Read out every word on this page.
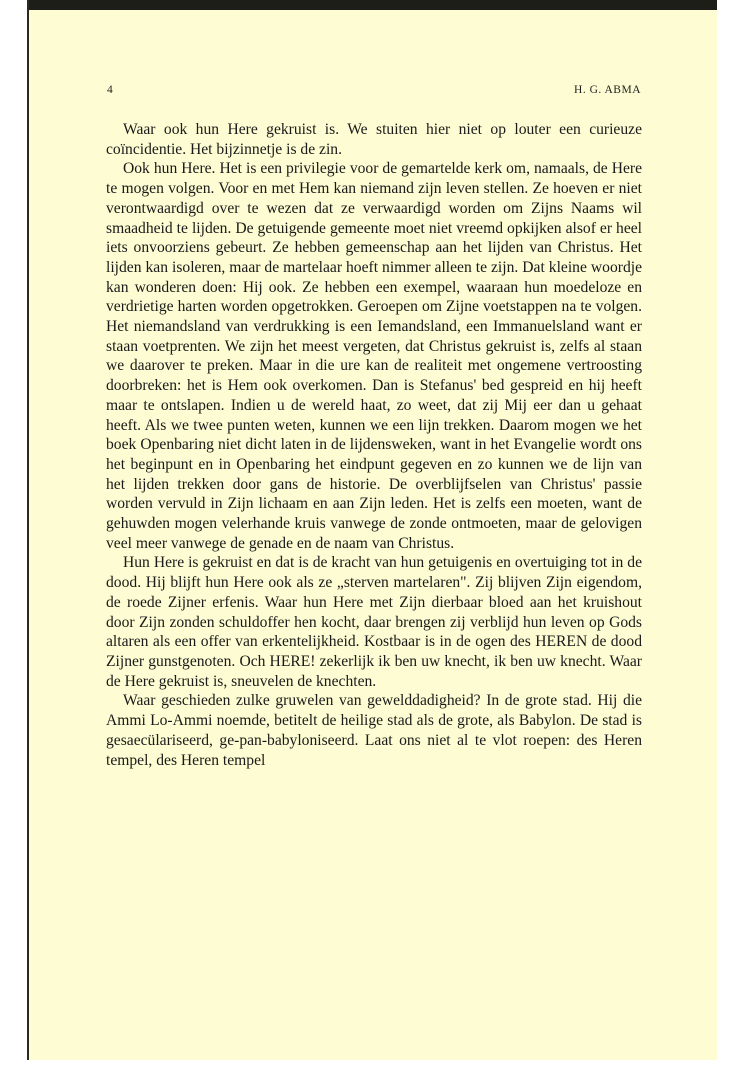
4	H. G. ABMA

Waar ook hun Here gekruist is. We stuiten hier niet op louter een curieuze coïncidentie. Het bijzinnetje is de zin.

Ook hun Here. Het is een privilegie voor de gemartelde kerk om, namaals, de Here te mogen volgen. Voor en met Hem kan niemand zijn leven stellen. Ze hoeven er niet verontwaardigd over te wezen dat ze verwaardigd worden om Zijns Naams wil smaadheid te lijden. De getuigende gemeente moet niet vreemd opkijken alsof er heel iets onvoorziens gebeurt. Ze hebben gemeenschap aan het lijden van Christus. Het lijden kan isoleren, maar de martelaar hoeft nimmer alleen te zijn. Dat kleine woordje kan wonderen doen: Hij ook. Ze hebben een exempel, waaraan hun moedeloze en verdrietige harten worden opgetrokken. Geroepen om Zijne voetstappen na te volgen. Het niemandsland van verdrukking is een Iemandsland, een Immanuelsland want er staan voetprenten. We zijn het meest vergeten, dat Christus gekruist is, zelfs al staan we daarover te preken. Maar in die ure kan de realiteit met ongemene vertroosting doorbreken: het is Hem ook overkomen. Dan is Stefanus' bed gespreid en hij heeft maar te ontslapen. Indien u de wereld haat, zo weet, dat zij Mij eer dan u gehaat heeft. Als we twee punten weten, kunnen we een lijn trekken. Daarom mogen we het boek Openbaring niet dicht laten in de lijdensweken, want in het Evangelie wordt ons het beginpunt en in Openbaring het eindpunt gegeven en zo kunnen we de lijn van het lijden trekken door gans de historie. De overblijfselen van Christus' passie worden vervuld in Zijn lichaam en aan Zijn leden. Het is zelfs een moeten, want de gehuwden mogen velerhande kruis vanwege de zonde ontmoeten, maar de gelovigen veel meer vanwege de genade en de naam van Christus.

Hun Here is gekruist en dat is de kracht van hun getuigenis en overtuiging tot in de dood. Hij blijft hun Here ook als ze „sterven martelaren". Zij blijven Zijn eigendom, de roede Zijner erfenis. Waar hun Here met Zijn dierbaar bloed aan het kruishout door Zijn zonden schuldoffer hen kocht, daar brengen zij verblijd hun leven op Gods altaren als een offer van erkentelijkheid. Kostbaar is in de ogen des HEREN de dood Zijner gunstgenoten. Och HERE! zekerlijk ik ben uw knecht, ik ben uw knecht. Waar de Here gekruist is, sneuvelen de knechten.

Waar geschieden zulke gruwelen van gewelddadigheid? In de grote stad. Hij die Ammi Lo-Ammi noemde, betitelt de heilige stad als de grote, als Babylon. De stad is gesaecülariseerd, ge-pan-babyloniseerd. Laat ons niet al te vlot roepen: des Heren tempel, des Heren tempel
